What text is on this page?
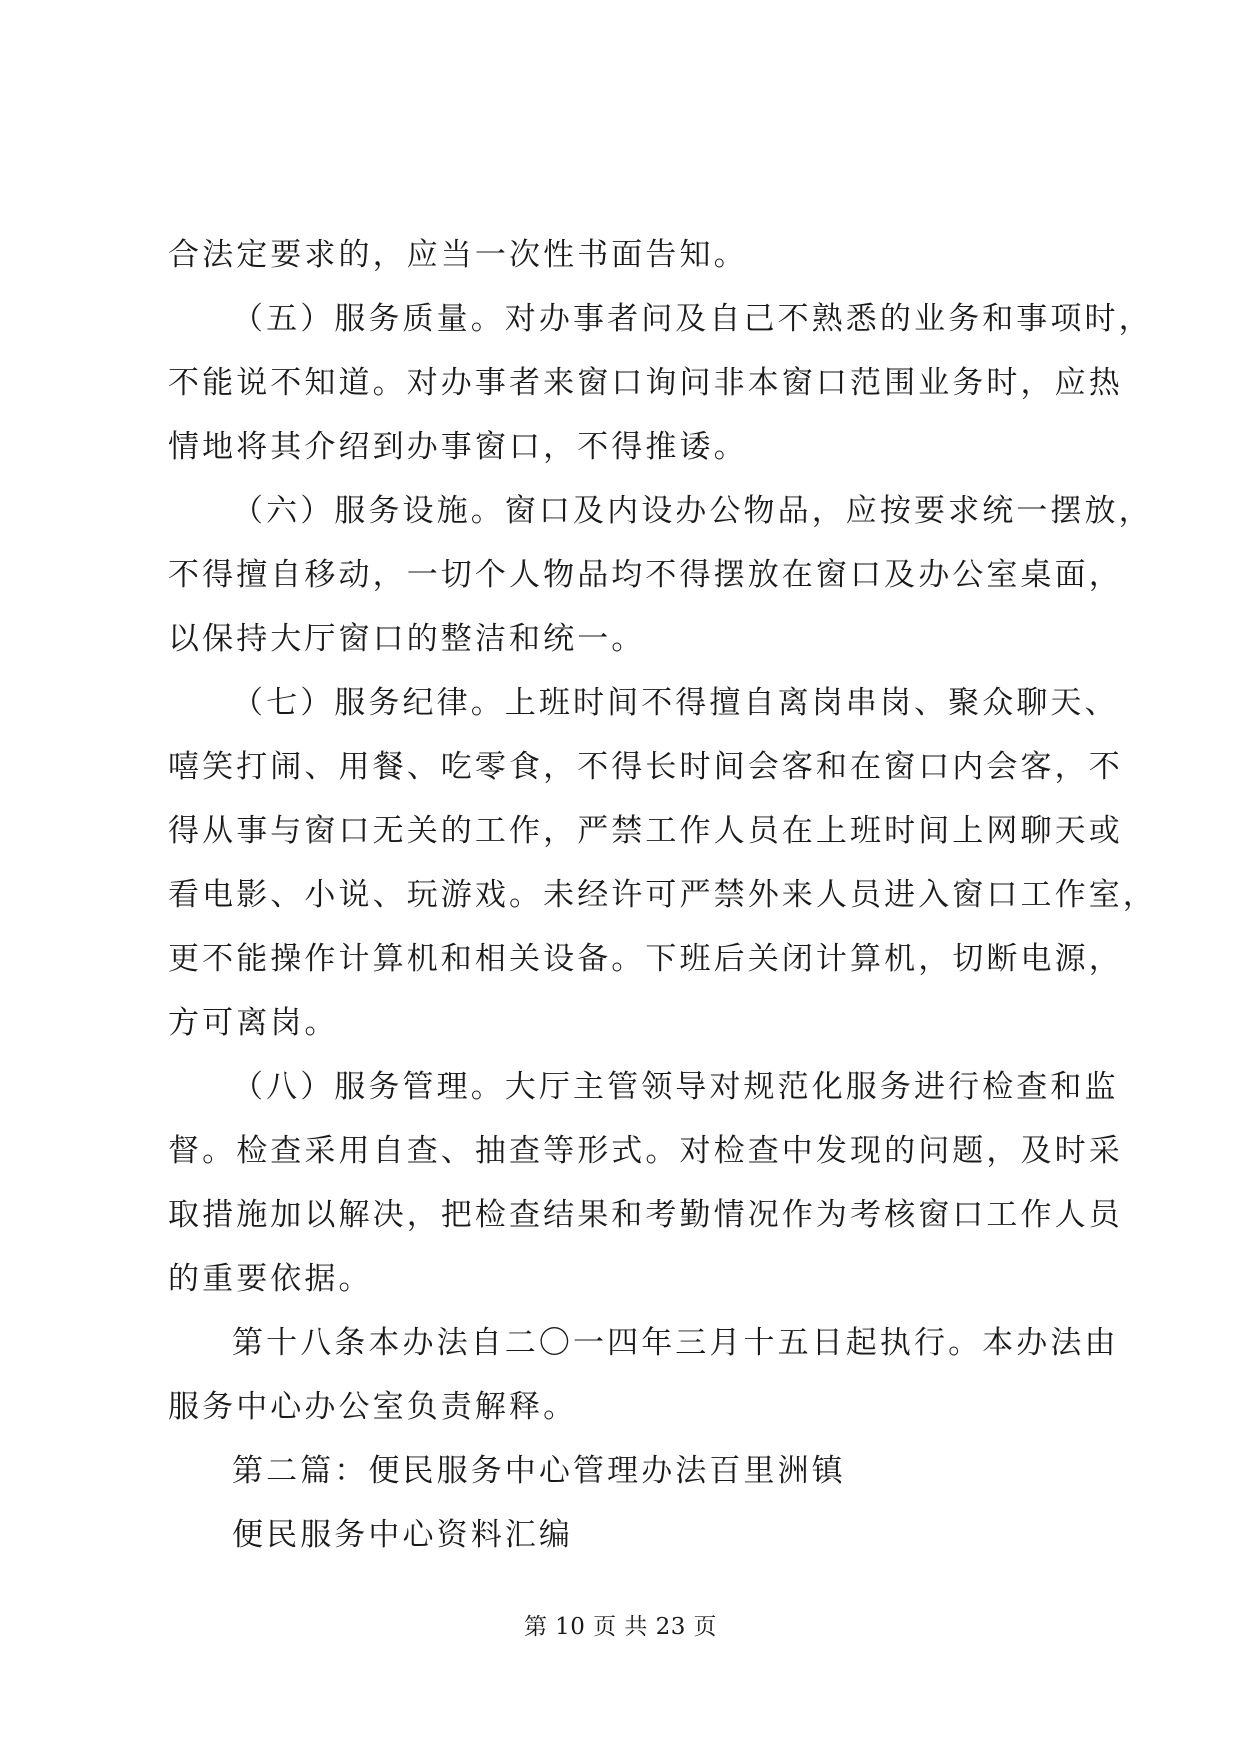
合法定要求的，应当一次性书面告知。
（五）服务质量。对办事者问及自己不熟悉的业务和事项时，
不能说不知道。对办事者来窗口询问非本窗口范围业务时，应热
情地将其介绍到办事窗口，不得推诿。
（六）服务设施。窗口及内设办公物品，应按要求统一摆放，
不得擅自移动，一切个人物品均不得摆放在窗口及办公室桌面，
以保持大厅窗口的整洁和统一。
（七）服务纪律。上班时间不得擅自离岗串岗、聚众聊天、
嘻笑打闹、用餐、吃零食，不得长时间会客和在窗口内会客，不
得从事与窗口无关的工作，严禁工作人员在上班时间上网聊天或
看电影、小说、玩游戏。未经许可严禁外来人员进入窗口工作室，
更不能操作计算机和相关设备。下班后关闭计算机，切断电源，
方可离岗。
（八）服务管理。大厅主管领导对规范化服务进行检查和监
督。检查采用自查、抽查等形式。对检查中发现的问题，及时采
取措施加以解决，把检查结果和考勤情况作为考核窗口工作人员
的重要依据。
第十八条本办法自二〇一四年三月十五日起执行。本办法由
服务中心办公室负责解释。
第二篇：便民服务中心管理办法百里洲镇
便民服务中心资料汇编
第 10 页 共 23 页
